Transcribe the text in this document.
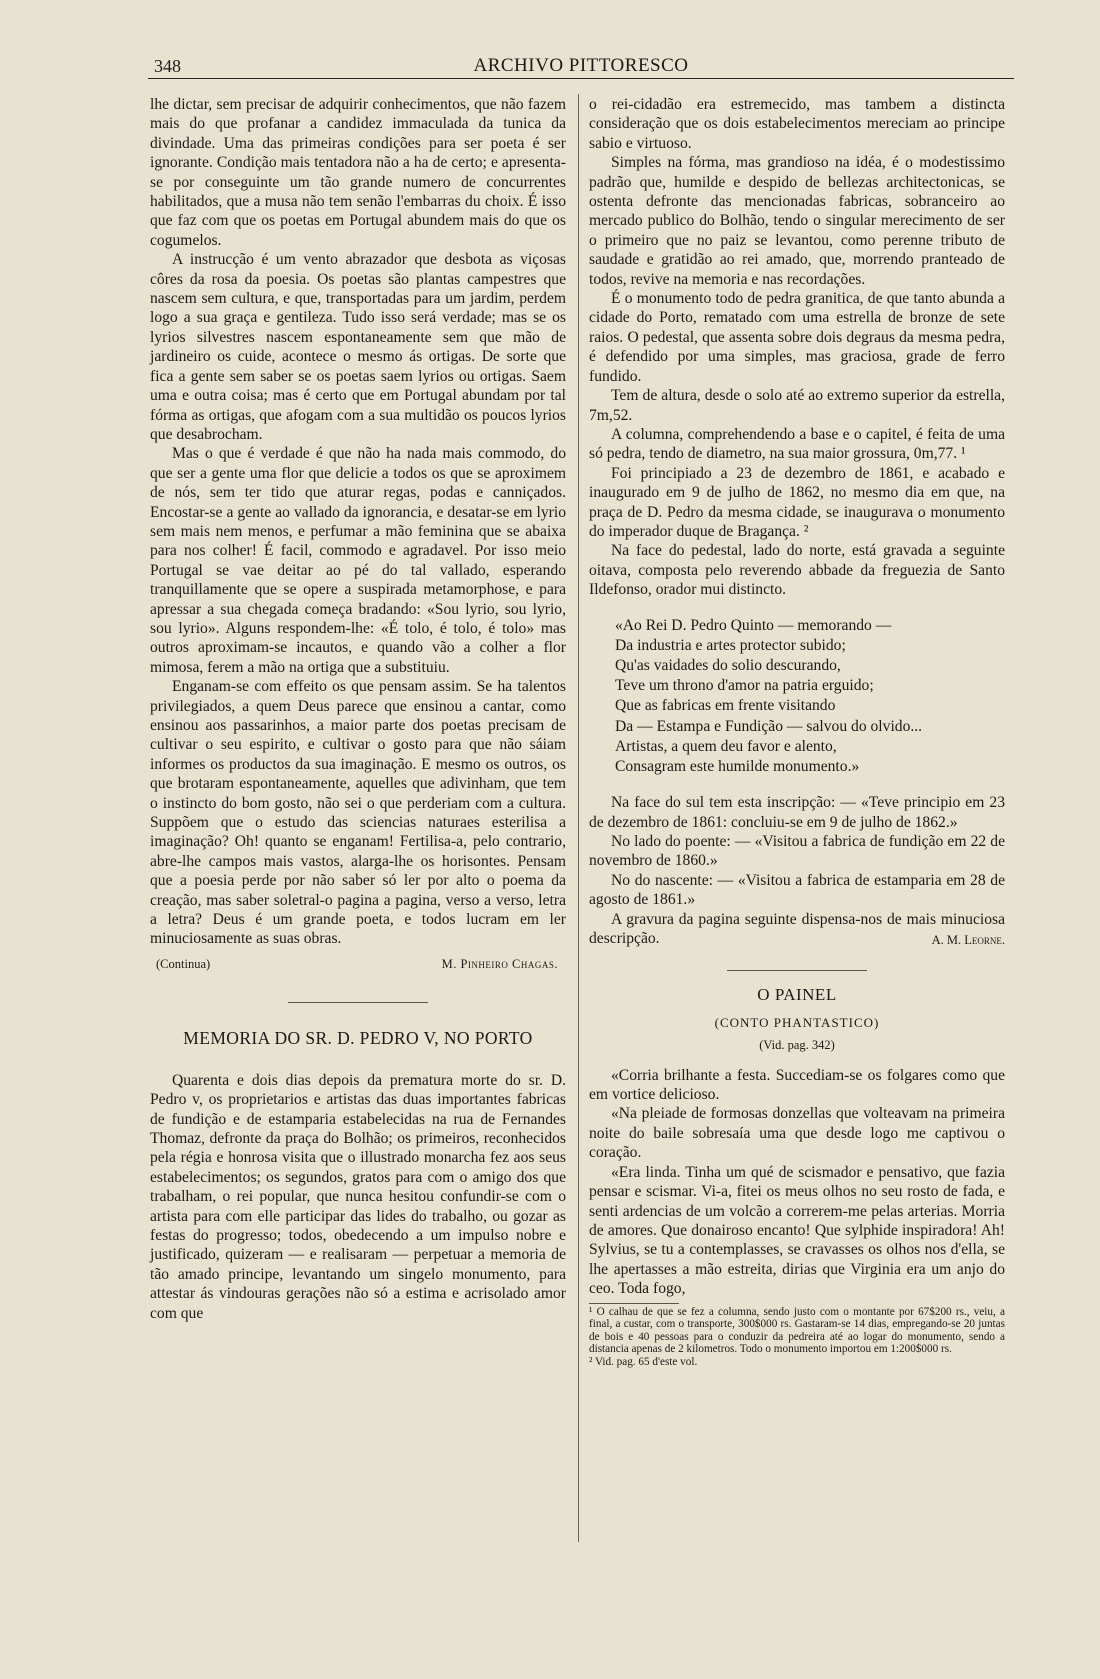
348	ARCHIVO PITTORESCO

lhe dictar, sem precisar de adquirir conhecimentos, que não fazem mais do que profanar a candidez immaculada da tunica da divindade. Uma das primeiras condições para ser poeta é ser ignorante. Condição mais tentadora não a ha de certo; e apresenta-se por conseguinte um tão grande numero de concurrentes habilitados, que a musa não tem senão l'embarras du choix. É isso que faz com que os poetas em Portugal abundem mais do que os cogumelos.

A instrucção é um vento abrazador que desbota as viçosas côres da rosa da poesia. Os poetas são plantas campestres que nascem sem cultura, e que, transportadas para um jardim, perdem logo a sua graça e gentileza. Tudo isso será verdade; mas se os lyrios silvestres nascem espontaneamente sem que mão de jardineiro os cuide, acontece o mesmo ás ortigas. De sorte que fica a gente sem saber se os poetas saem lyrios ou ortigas. Saem uma e outra coisa; mas é certo que em Portugal abundam por tal fórma as ortigas, que afogam com a sua multidão os poucos lyrios que desabrocham.

Mas o que é verdade é que não ha nada mais commodo, do que ser a gente uma flor que delicie a todos os que se aproximem de nós, sem ter tido que aturar regas, podas e canniçados. Encostar-se a gente ao vallado da ignorancia, e desatar-se em lyrio sem mais nem menos, e perfumar a mão feminina que se abaixa para nos colher! É facil, commodo e agradavel. Por isso meio Portugal se vae deitar ao pé do tal vallado, esperando tranquillamente que se opere a suspirada metamorphose, e para apressar a sua chegada começa bradando: «Sou lyrio, sou lyrio, sou lyrio». Alguns respondem-lhe: «É tolo, é tolo, é tolo» mas outros aproximam-se incautos, e quando vão a colher a flor mimosa, ferem a mão na ortiga que a substituiu.

Enganam-se com effeito os que pensam assim. Se ha talentos privilegiados, a quem Deus parece que ensinou a cantar, como ensinou aos passarinhos, a maior parte dos poetas precisam de cultivar o seu espirito, e cultivar o gosto para que não sáiam informes os productos da sua imaginação. E mesmo os outros, os que brotaram espontaneamente, aquelles que adivinham, que tem o instincto do bom gosto, não sei o que perderiam com a cultura. Suppõem que o estudo das sciencias naturaes esterilisa a imaginação? Oh! quanto se enganam! Fertilisa-a, pelo contrario, abre-lhe campos mais vastos, alarga-lhe os horisontes. Pensam que a poesia perde por não saber só ler por alto o poema da creação, mas saber soletral-o pagina a pagina, verso a verso, letra a letra? Deus é um grande poeta, e todos lucram em ler minuciosamente as suas obras.

(Continua)	M. Pinheiro Chagas.
MEMORIA DO SR. D. PEDRO V, NO PORTO

Quarenta e dois dias depois da prematura morte do sr. D. Pedro v, os proprietarios e artistas das duas importantes fabricas de fundição e de estamparia estabelecidas na rua de Fernandes Thomaz, defronte da praça do Bolhão; os primeiros, reconhecidos pela régia e honrosa visita que o illustrado monarcha fez aos seus estabelecimentos; os segundos, gratos para com o amigo dos que trabalham, o rei popular, que nunca hesitou confundir-se com o artista para com elle participar das lides do trabalho, ou gozar as festas do progresso; todos, obedecendo a um impulso nobre e justificado, quizeram — e realisaram — perpetuar a memoria de tão amado principe, levantando um singelo monumento, para attestar ás vindouras gerações não só a estima e acrisolado amor com que

o rei-cidadão era estremecido, mas tambem a distincta consideração que os dois estabelecimentos mereciam ao principe sabio e virtuoso.

Simples na fórma, mas grandioso na idéa, é o modestissimo padrão que, humilde e despido de bellezas architectonicas, se ostenta defronte das mencionadas fabricas, sobranceiro ao mercado publico do Bolhão, tendo o singular merecimento de ser o primeiro que no paiz se levantou, como perenne tributo de saudade e gratidão ao rei amado, que, morrendo pranteado de todos, revive na memoria e nas recordações.

É o monumento todo de pedra granitica, de que tanto abunda a cidade do Porto, rematado com uma estrella de bronze de sete raios. O pedestal, que assenta sobre dois degraus da mesma pedra, é defendido por uma simples, mas graciosa, grade de ferro fundido.

Tem de altura, desde o solo até ao extremo superior da estrella, 7m,52.

A columna, comprehendendo a base e o capitel, é feita de uma só pedra, tendo de diametro, na sua maior grossura, 0m,77. ¹

Foi principiado a 23 de dezembro de 1861, e acabado e inaugurado em 9 de julho de 1862, no mesmo dia em que, na praça de D. Pedro da mesma cidade, se inaugurava o monumento do imperador duque de Bragança. ²

Na face do pedestal, lado do norte, está gravada a seguinte oitava, composta pelo reverendo abbade da freguezia de Santo Ildefonso, orador mui distincto.

«Ao Rei D. Pedro Quinto — memorando —
Da industria e artes protector subido;
Qu'as vaidades do solio descurando,
Teve um throno d'amor na patria erguido;
Que as fabricas em frente visitando
Da — Estampa e Fundição — salvou do olvido...
Artistas, a quem deu favor e alento,
Consagram este humilde monumento.»

Na face do sul tem esta inscripção: — «Teve principio em 23 de dezembro de 1861: concluiu-se em 9 de julho de 1862.»

No lado do poente: — «Visitou a fabrica de fundição em 22 de novembro de 1860.»

No do nascente: — «Visitou a fabrica de estamparia em 28 de agosto de 1861.»

A gravura da pagina seguinte dispensa-nos de mais minuciosa descripção.	A. M. Leorne.

O PAINEL
(CONTO PHANTASTICO)
(Vid. pag. 342)

«Corria brilhante a festa. Succediam-se os folgares como que em vortice delicioso.

«Na pleiade de formosas donzellas que volteavam na primeira noite do baile sobresaía uma que desde logo me captivou o coração.

«Era linda. Tinha um qué de scismador e pensativo, que fazia pensar e scismar. Vi-a, fitei os meus olhos no seu rosto de fada, e senti ardencias de um volcão a correrem-me pelas arterias. Morria de amores. Que donairoso encanto! Que sylphide inspiradora! Ah! Sylvius, se tu a contemplasses, se cravasses os olhos nos d'ella, se lhe apertasses a mão estreita, dirias que Virginia era um anjo do ceo. Toda fogo,

¹ O calhau de que se fez a columna, sendo justo com o montante por 67$200 rs., veiu, a final, a custar, com o transporte, 300$000 rs. Gastaram-se 14 dias, empregando-se 20 juntas de bois e 40 pessoas para o conduzir da pedreira até ao logar do monumento, sendo a distancia apenas de 2 kilometros. Todo o monumento importou em 1:200$000 rs.
² Vid. pag. 65 d'este vol.
